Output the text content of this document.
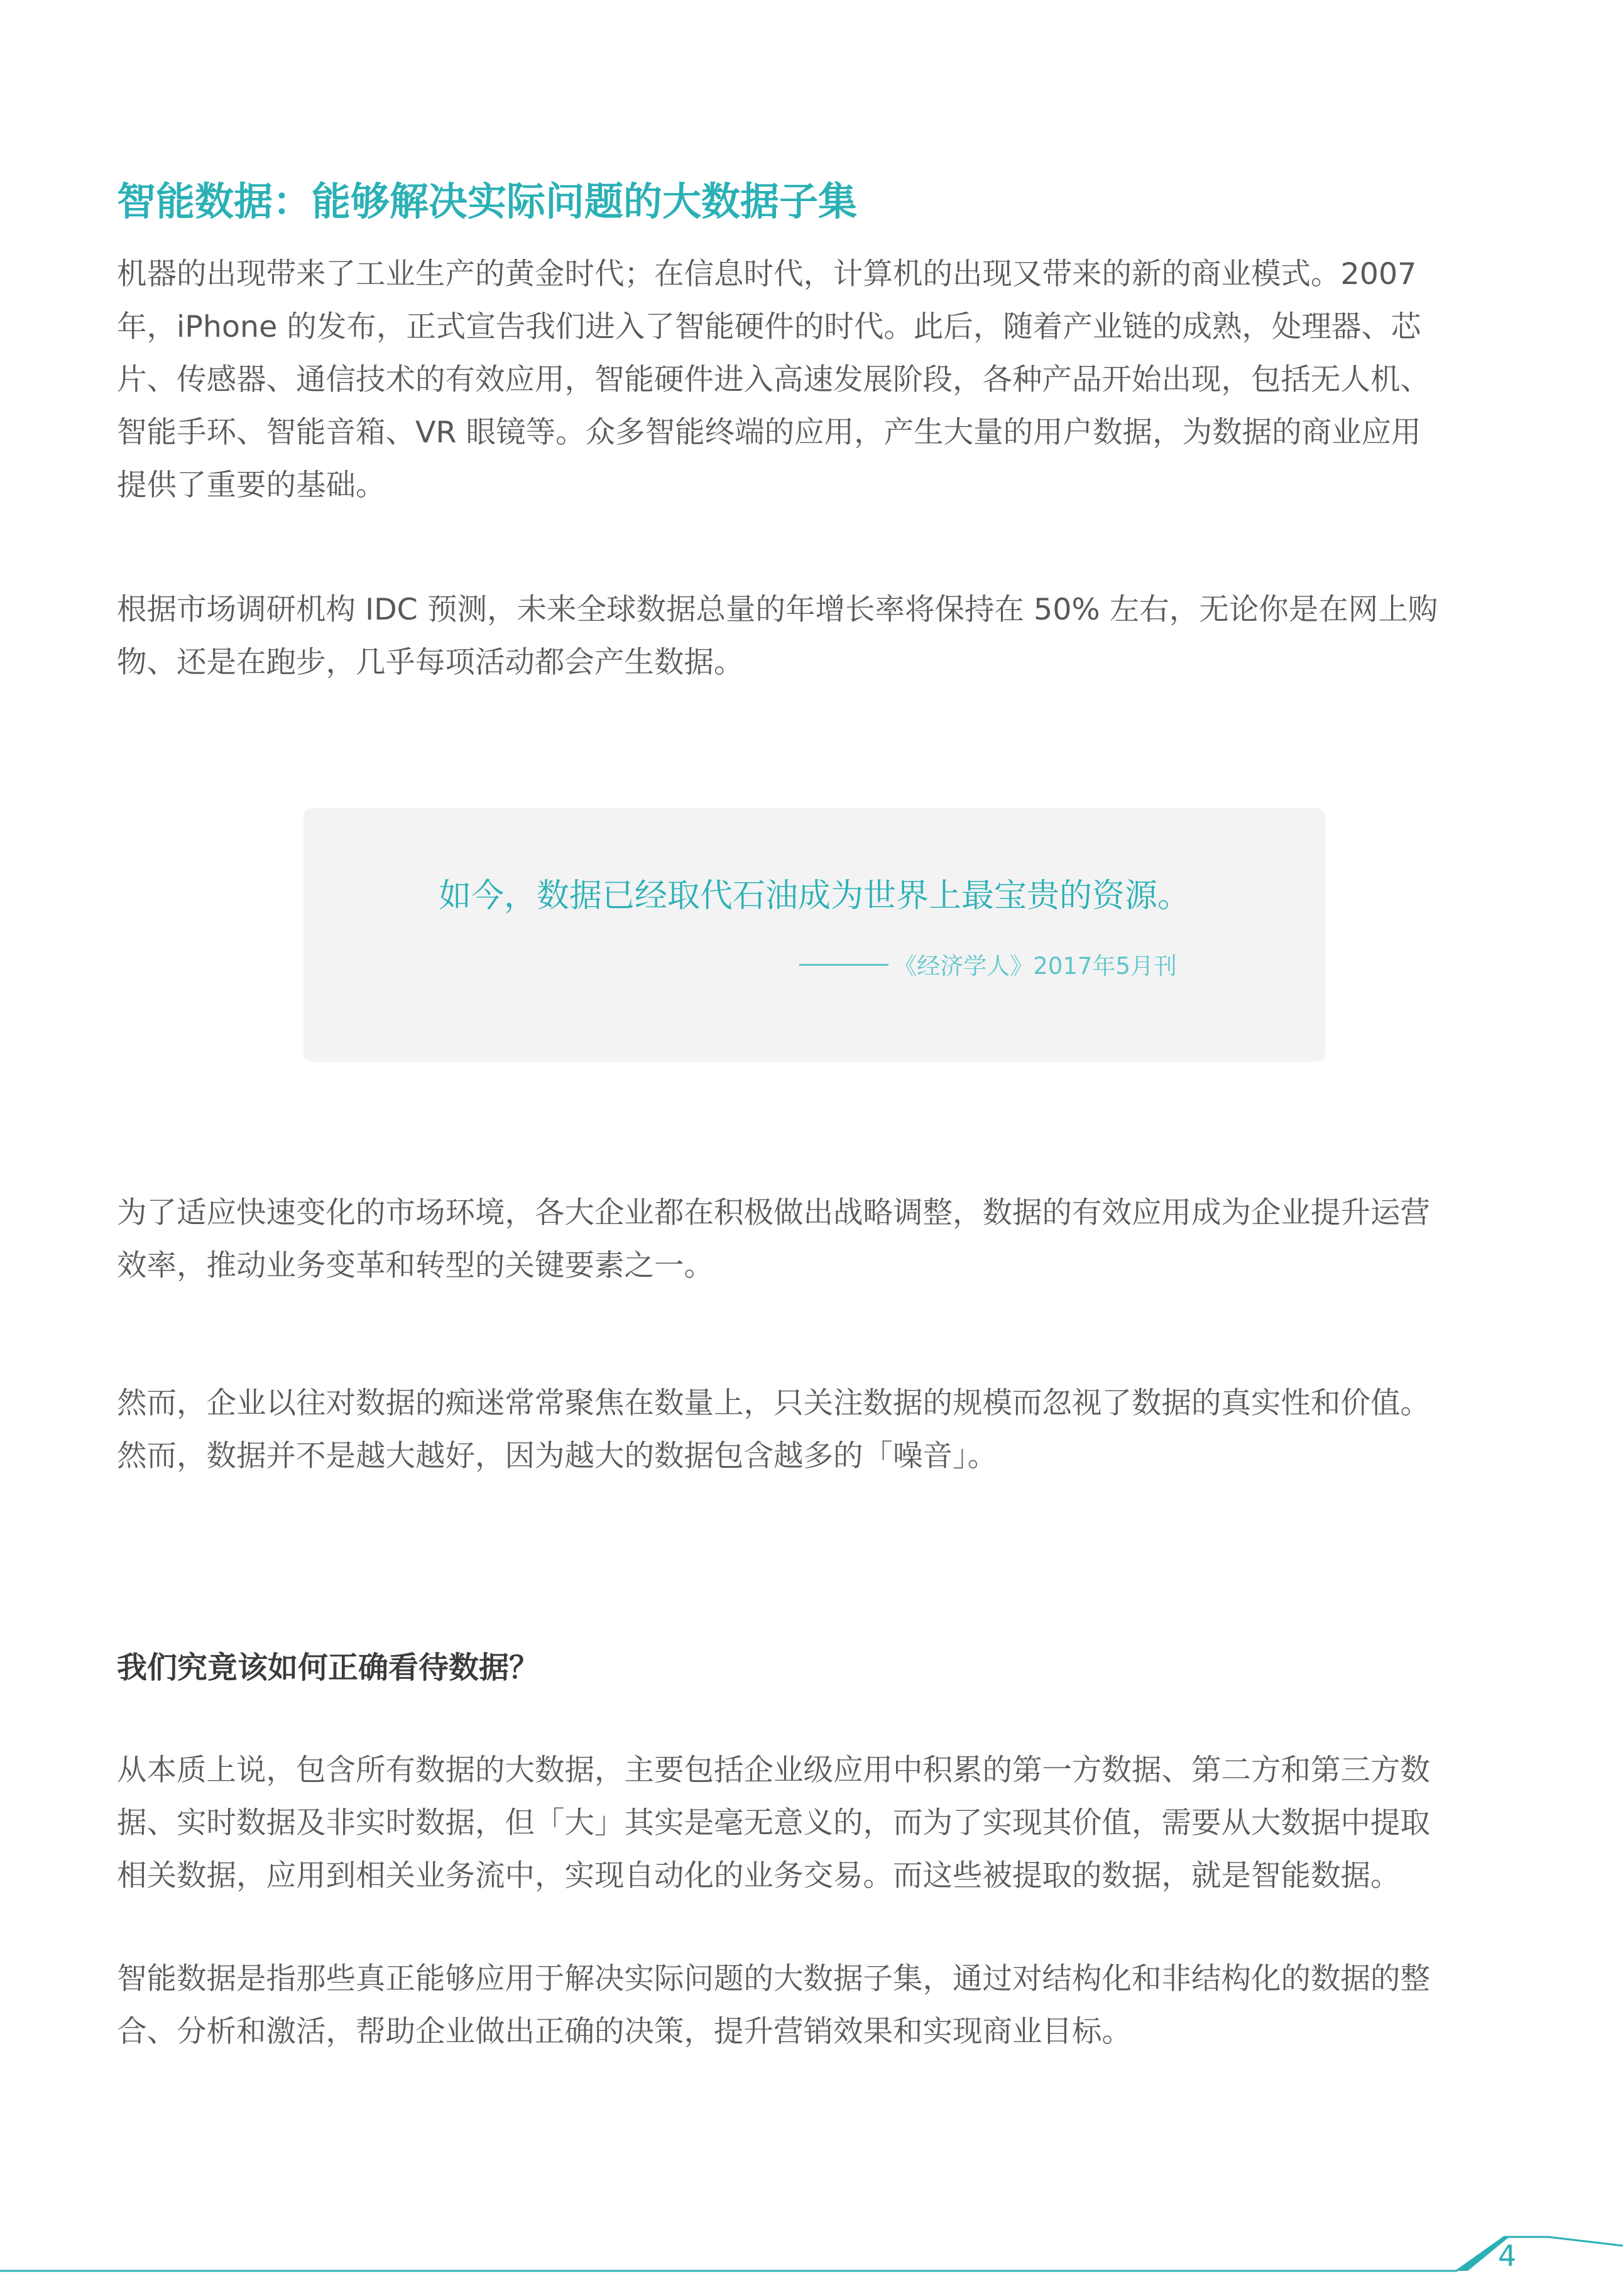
智能数据：能够解决实际问题的大数据子集
机器的出现带来了工业生产的黄金时代；在信息时代，计算机的出现又带来的新的商业模式。2007
年，iPhone 的发布，正式宣告我们进入了智能硬件的时代。此后，随着产业链的成熟，处理器、芯
片、传感器、通信技术的有效应用，智能硬件进入高速发展阶段，各种产品开始出现，包括无人机、
智能手环、智能音箱、VR 眼镜等。众多智能终端的应用，产生大量的用户数据，为数据的商业应用
提供了重要的基础。
根据市场调研机构 IDC 预测，未来全球数据总量的年增长率将保持在 50% 左右，无论你是在网上购
物、还是在跑步，几乎每项活动都会产生数据。

如今，数据已经取代石油成为世界上最宝贵的资源。

《经济学人》2017年5月刊

为了适应快速变化的市场环境，各大企业都在积极做出战略调整，数据的有效应用成为企业提升运营
效率，推动业务变革和转型的关键要素之一。
然而，企业以往对数据的痴迷常常聚焦在数量上，只关注数据的规模而忽视了数据的真实性和价值。
然而，数据并不是越大越好，因为越大的数据包含越多的「噪音」。
我们究竟该如何正确看待数据？
从本质上说，包含所有数据的大数据，主要包括企业级应用中积累的第一方数据、第二方和第三方数
据、实时数据及非实时数据，但「大」其实是毫无意义的，而为了实现其价值，需要从大数据中提取
相关数据，应用到相关业务流中，实现自动化的业务交易。而这些被提取的数据，就是智能数据。
智能数据是指那些真正能够应用于解决实际问题的大数据子集，通过对结构化和非结构化的数据的整
合、分析和激活，帮助企业做出正确的决策，提升营销效果和实现商业目标。
4
